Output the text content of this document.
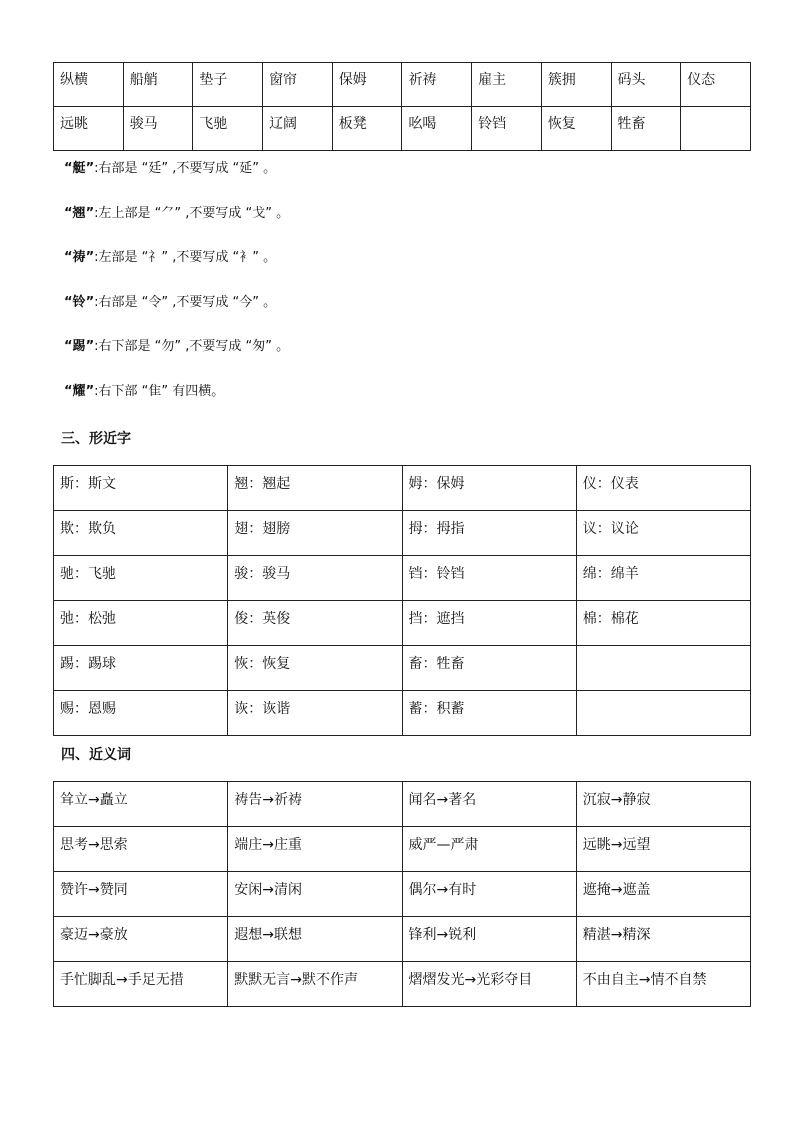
纵横	船艄	垫子	窗帘	保姆	祈祷	雇主	簇拥	码头	仪态
远眺	骏马	飞驰	辽阔	板凳	吆喝	铃铛	恢复	牲畜	
“艇”:右部是 “廷” ,不要写成 “延” 。
“翘”:左上部是 “⺈” ,不要写成 “戈” 。
“祷”:左部是 “礻” ,不要写成 “衤” 。
“铃”:右部是 “令” ,不要写成 “今” 。
“踢”:右下部是 “勿” ,不要写成 “匆” 。
“耀”:右下部 “隹” 有四横。
三、形近字
斯：斯文	翘：翘起	姆：保姆	仪：仪表
欺：欺负	翅：翅膀	拇：拇指	议：议论
驰：飞驰	骏：骏马	铛：铃铛	绵：绵羊
弛：松弛	俊：英俊	挡：遮挡	棉：棉花
踢：踢球	恢：恢复	畜：牲畜	
赐：恩赐	诙：诙谐	蓄：积蓄	
四、近义词
耸立→矗立	祷告→祈祷	闻名→著名	沉寂→静寂
思考→思索	端庄→庄重	威严—严肃	远眺→远望
赞许→赞同	安闲→清闲	偶尔→有时	遮掩→遮盖
豪迈→豪放	遐想→联想	锋利→锐利	精湛→精深
手忙脚乱→手足无措	默默无言→默不作声	熠熠发光→光彩夺目	不由自主→情不自禁
